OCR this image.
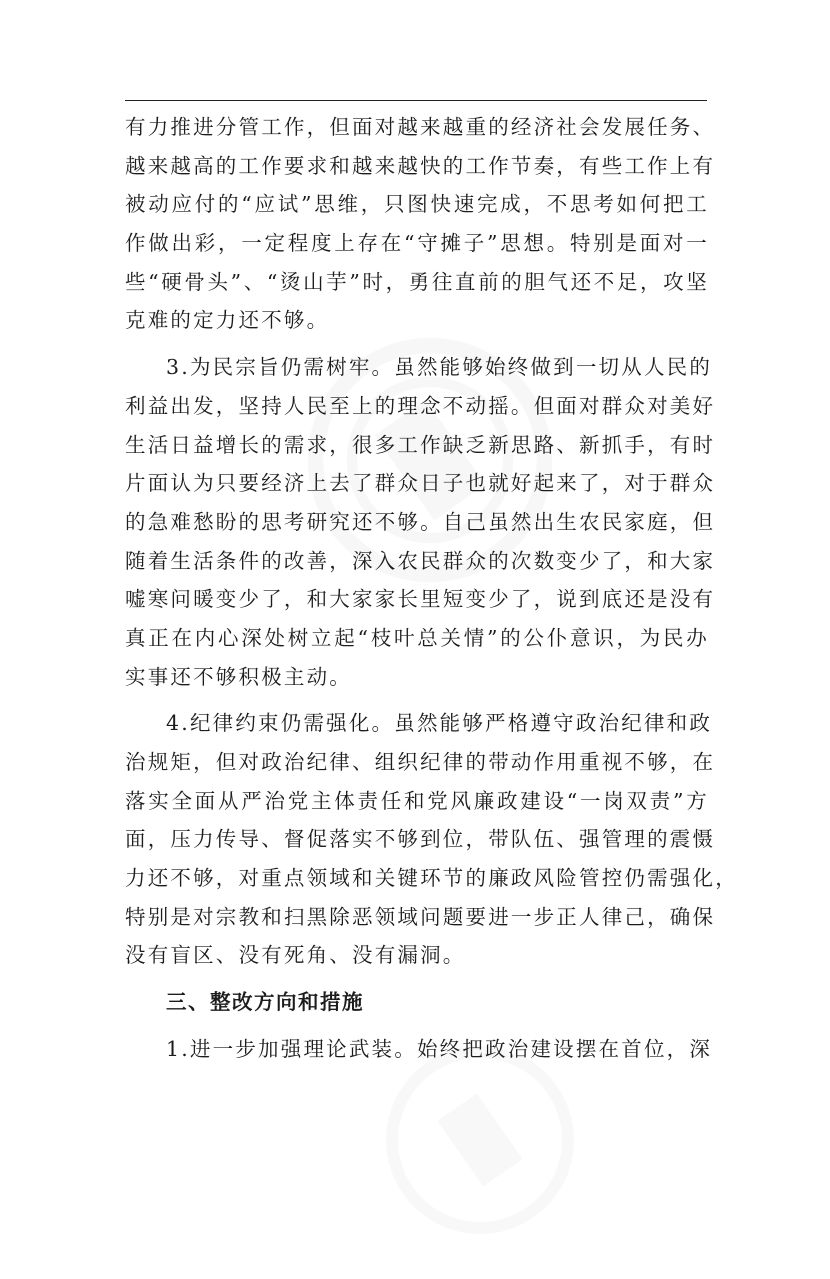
有力推进分管工作，但面对越来越重的经济社会发展任务、
越来越高的工作要求和越来越快的工作节奏，有些工作上有
被动应付的“应试”思维，只图快速完成，不思考如何把工
作做出彩，一定程度上存在“守摊子”思想。特别是面对一
些“硬骨头”、“烫山芋”时，勇往直前的胆气还不足，攻坚
克难的定力还不够。
3.为民宗旨仍需树牢。虽然能够始终做到一切从人民的
利益出发，坚持人民至上的理念不动摇。但面对群众对美好
生活日益增长的需求，很多工作缺乏新思路、新抓手，有时
片面认为只要经济上去了群众日子也就好起来了，对于群众
的急难愁盼的思考研究还不够。自己虽然出生农民家庭，但
随着生活条件的改善，深入农民群众的次数变少了，和大家
嘘寒问暖变少了，和大家家长里短变少了，说到底还是没有
真正在内心深处树立起“枝叶总关情”的公仆意识，为民办
实事还不够积极主动。
4.纪律约束仍需强化。虽然能够严格遵守政治纪律和政
治规矩，但对政治纪律、组织纪律的带动作用重视不够，在
落实全面从严治党主体责任和党风廉政建设“一岗双责”方
面，压力传导、督促落实不够到位，带队伍、强管理的震慑
力还不够，对重点领域和关键环节的廉政风险管控仍需强化，
特别是对宗教和扫黑除恶领域问题要进一步正人律己，确保
没有盲区、没有死角、没有漏洞。
三、整改方向和措施
1.进一步加强理论武装。始终把政治建设摆在首位，深
